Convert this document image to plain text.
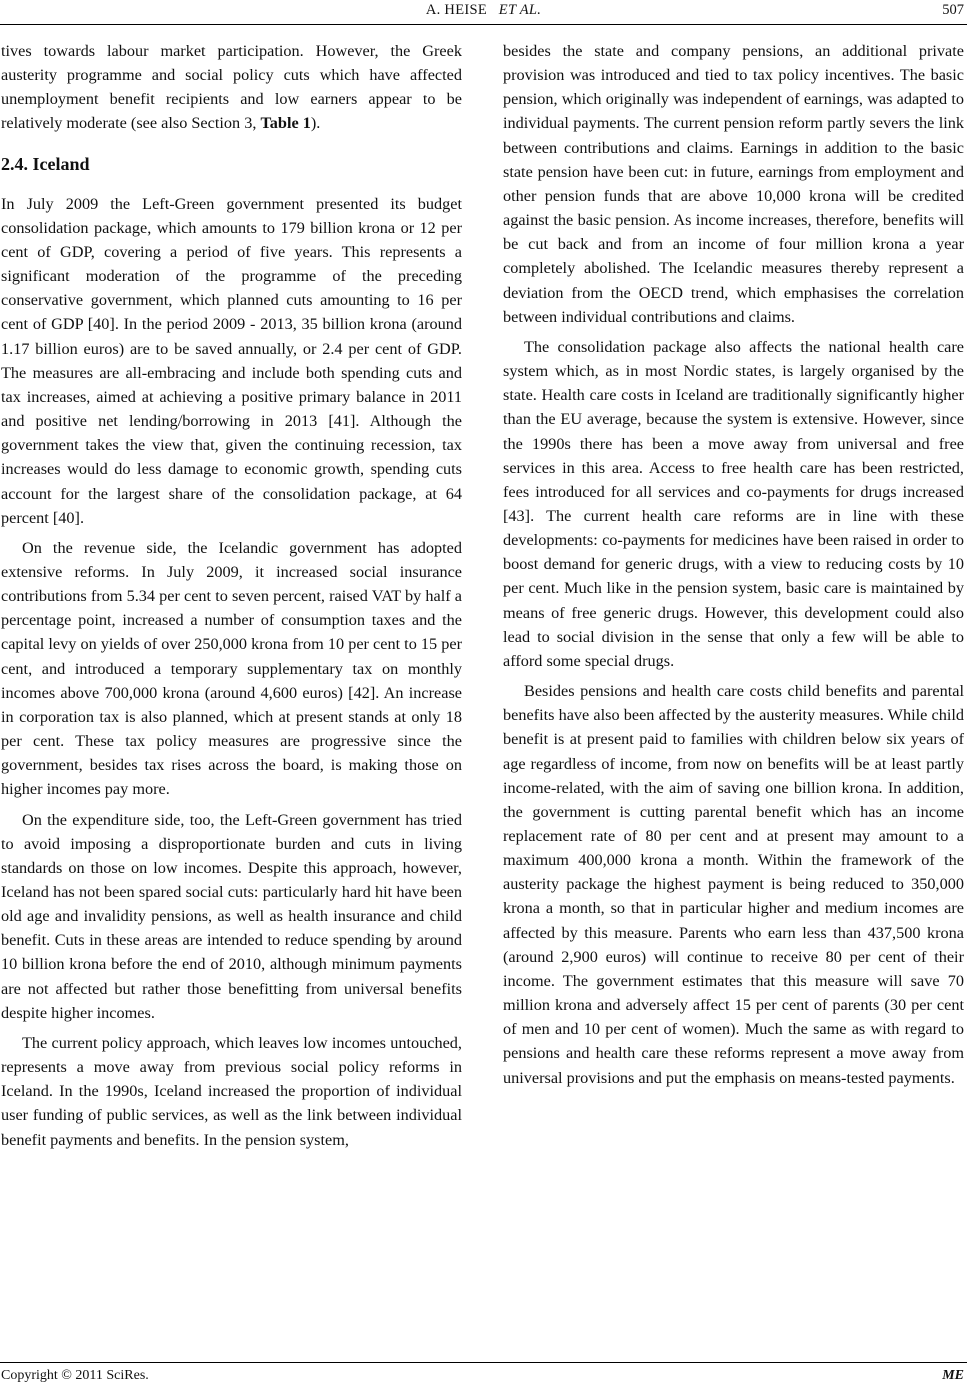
A. HEISE ET AL.	507

tives towards labour market participation. However, the Greek austerity programme and social policy cuts which have affected unemployment benefit recipients and low earners appear to be relatively moderate (see also Section 3, Table 1).

2.4. Iceland

In July 2009 the Left-Green government presented its budget consolidation package, which amounts to 179 billion krona or 12 per cent of GDP, covering a period of five years. This represents a significant moderation of the programme of the preceding conservative government, which planned cuts amounting to 16 per cent of GDP [40]. In the period 2009 - 2013, 35 billion krona (around 1.17 billion euros) are to be saved annually, or 2.4 per cent of GDP. The measures are all-embracing and include both spending cuts and tax increases, aimed at achieving a positive primary balance in 2011 and positive net lending/borrowing in 2013 [41]. Although the government takes the view that, given the continuing recession, tax increases would do less damage to economic growth, spending cuts account for the largest share of the consolidation package, at 64 percent [40].

On the revenue side, the Icelandic government has adopted extensive reforms. In July 2009, it increased social insurance contributions from 5.34 per cent to seven percent, raised VAT by half a percentage point, increased a number of consumption taxes and the capital levy on yields of over 250,000 krona from 10 per cent to 15 per cent, and introduced a temporary supplementary tax on monthly incomes above 700,000 krona (around 4,600 euros) [42]. An increase in corporation tax is also planned, which at present stands at only 18 per cent. These tax policy measures are progressive since the government, besides tax rises across the board, is making those on higher incomes pay more.

On the expenditure side, too, the Left-Green government has tried to avoid imposing a disproportionate burden and cuts in living standards on those on low incomes. Despite this approach, however, Iceland has not been spared social cuts: particularly hard hit have been old age and invalidity pensions, as well as health insurance and child benefit. Cuts in these areas are intended to reduce spending by around 10 billion krona before the end of 2010, although minimum payments are not affected but rather those benefitting from universal benefits despite higher incomes.

The current policy approach, which leaves low incomes untouched, represents a move away from previous social policy reforms in Iceland. In the 1990s, Iceland increased the proportion of individual user funding of public services, as well as the link between individual benefit payments and benefits. In the pension system,

besides the state and company pensions, an additional private provision was introduced and tied to tax policy incentives. The basic pension, which originally was independent of earnings, was adapted to individual payments. The current pension reform partly severs the link between contributions and claims. Earnings in addition to the basic state pension have been cut: in future, earnings from employment and other pension funds that are above 10,000 krona will be credited against the basic pension. As income increases, therefore, benefits will be cut back and from an income of four million krona a year completely abolished. The Icelandic measures thereby represent a deviation from the OECD trend, which emphasises the correlation between individual contributions and claims.

The consolidation package also affects the national health care system which, as in most Nordic states, is largely organised by the state. Health care costs in Iceland are traditionally significantly higher than the EU average, because the system is extensive. However, since the 1990s there has been a move away from universal and free services in this area. Access to free health care has been restricted, fees introduced for all services and co-payments for drugs increased [43]. The current health care reforms are in line with these developments: co-payments for medicines have been raised in order to boost demand for generic drugs, with a view to reducing costs by 10 per cent. Much like in the pension system, basic care is maintained by means of free generic drugs. However, this development could also lead to social division in the sense that only a few will be able to afford some special drugs.

Besides pensions and health care costs child benefits and parental benefits have also been affected by the austerity measures. While child benefit is at present paid to families with children below six years of age regardless of income, from now on benefits will be at least partly income-related, with the aim of saving one billion krona. In addition, the government is cutting parental benefit which has an income replacement rate of 80 per cent and at present may amount to a maximum 400,000 krona a month. Within the framework of the austerity package the highest payment is being reduced to 350,000 krona a month, so that in particular higher and medium incomes are affected by this measure. Parents who earn less than 437,500 krona (around 2,900 euros) will continue to receive 80 per cent of their income. The government estimates that this measure will save 70 million krona and adversely affect 15 per cent of parents (30 per cent of men and 10 per cent of women). Much the same as with regard to pensions and health care these reforms represent a move away from universal provisions and put the emphasis on means-tested payments.

Copyright © 2011 SciRes.	ME
